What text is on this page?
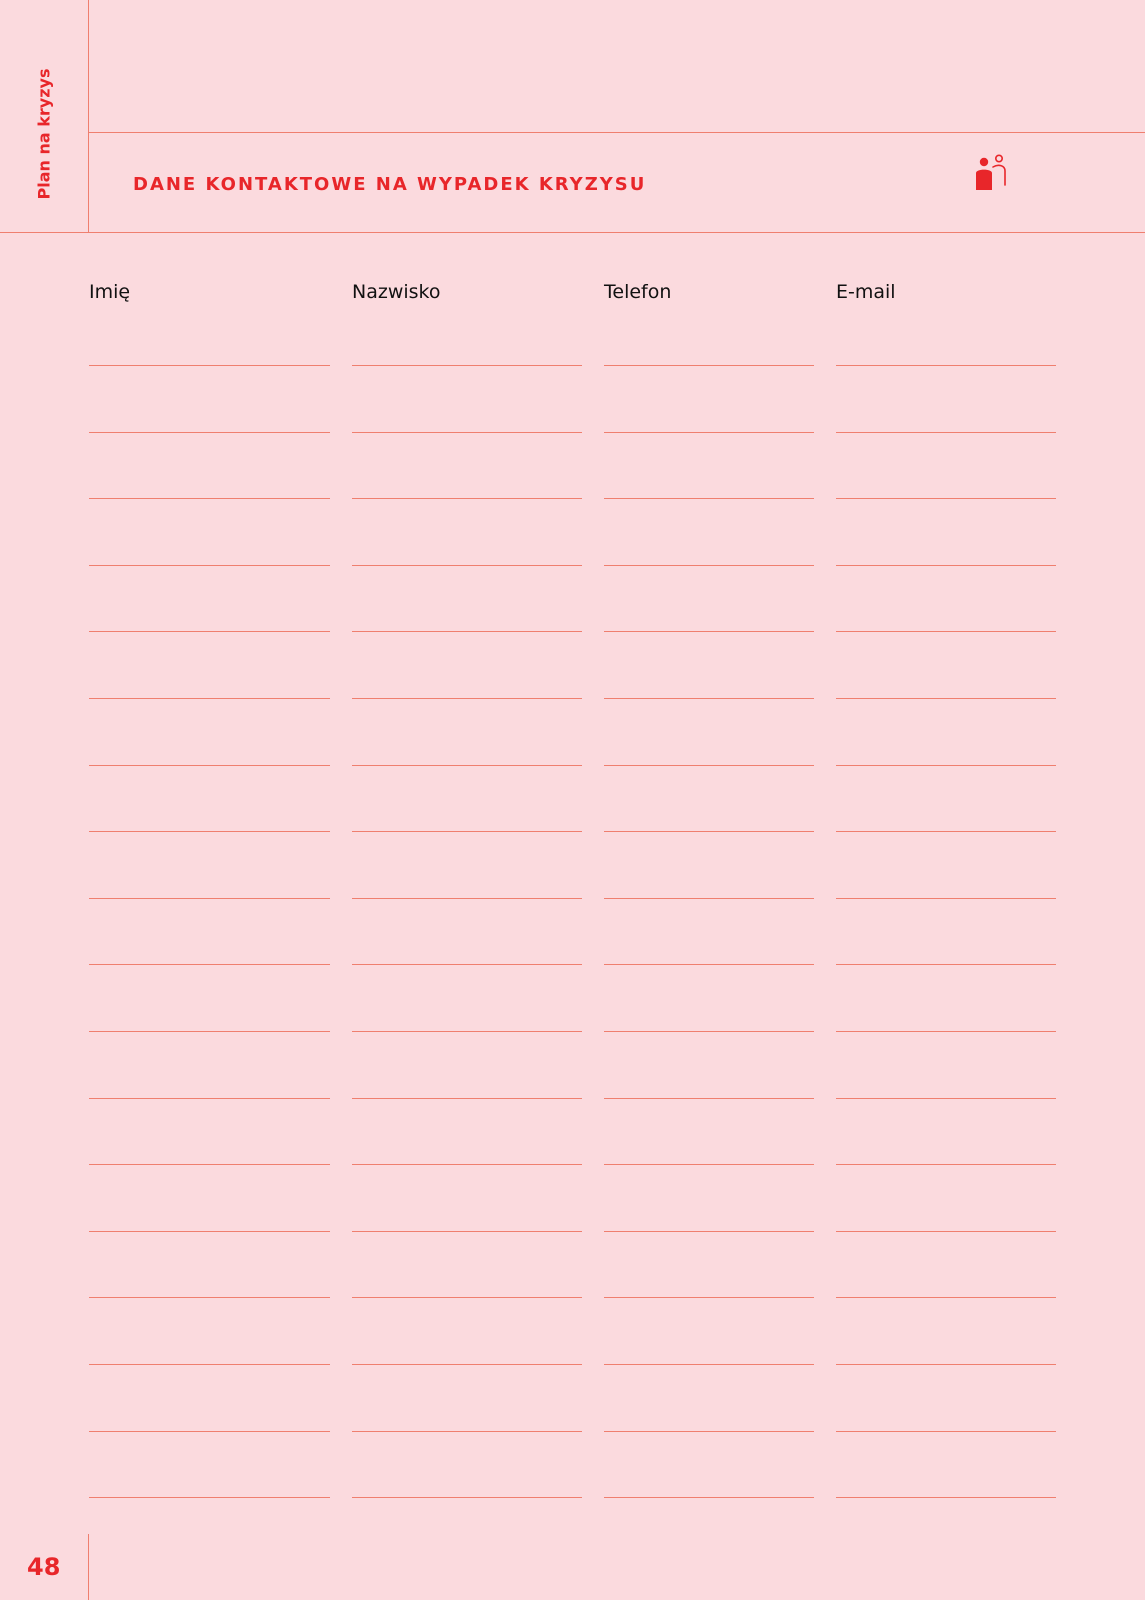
Plan na kryzys	DANE KONTAKTOWE NA WYPADEK KRYZYSU
Imię	Nazwisko	Telefon	E-mail
48
